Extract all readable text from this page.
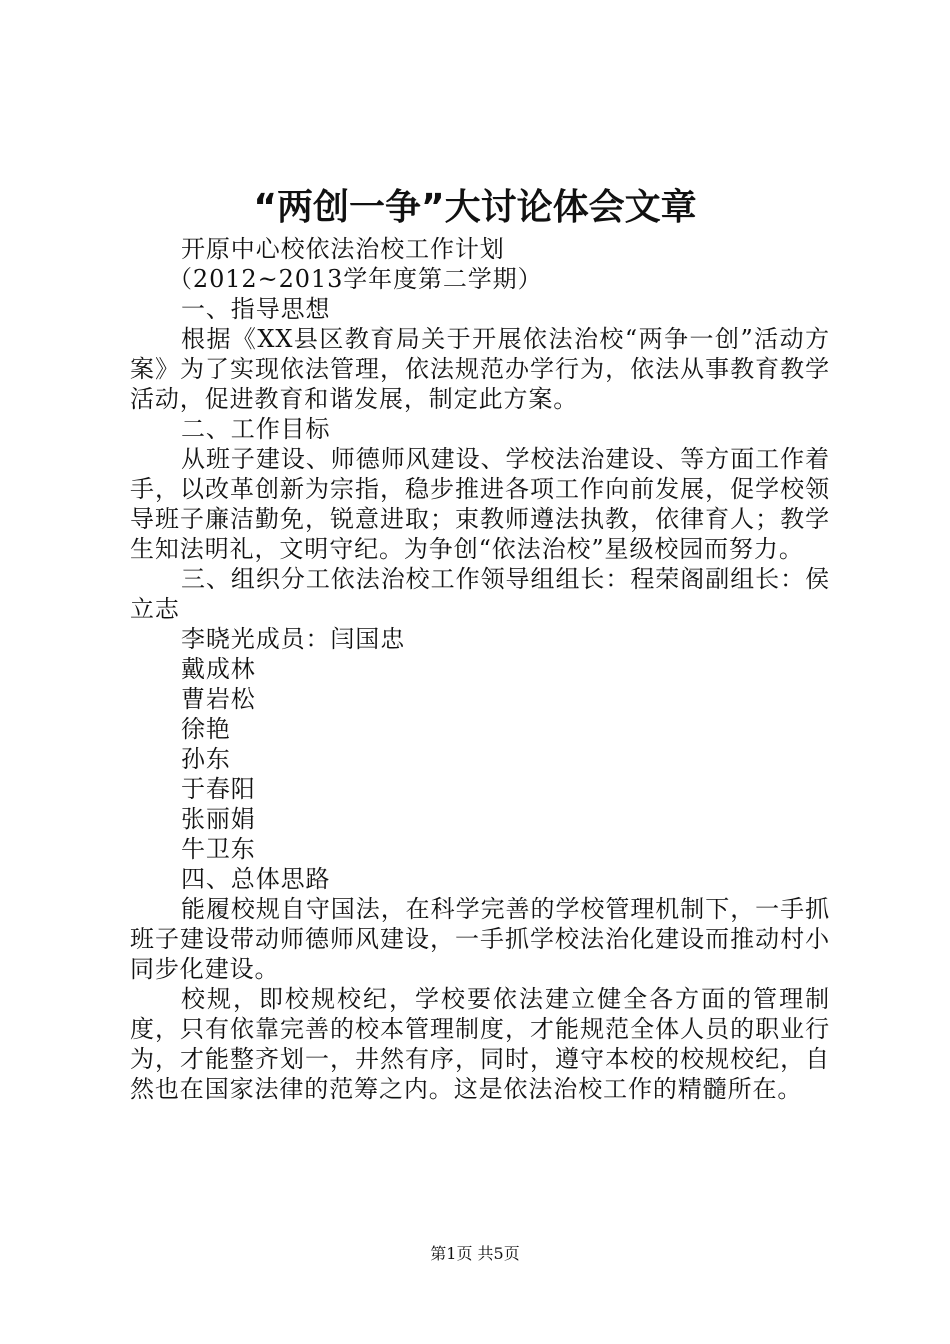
“两创一争”大讨论体会文章

开原中心校依法治校工作计划

（2012~2013学年度第二学期）

一、指导思想

根据《XX县区教育局关于开展依法治校“两争一创”活动方案》为了实现依法管理，依法规范办学行为，依法从事教育教学活动，促进教育和谐发展，制定此方案。

二、工作目标

从班子建设、师德师风建设、学校法治建设、等方面工作着手，以改革创新为宗指，稳步推进各项工作向前发展，促学校领导班子廉洁勤免，锐意进取；束教师遵法执教，依律育人；教学生知法明礼，文明守纪。为争创“依法治校”星级校园而努力。

三、组织分工依法治校工作领导组组长：程荣阁副组长：侯立志

李晓光成员：闫国忠

戴成林

曹岩松

徐艳

孙东

于春阳

张丽娟

牛卫东

四、总体思路

能履校规自守国法，在科学完善的学校管理机制下，一手抓班子建设带动师德师风建设，一手抓学校法治化建设而推动村小同步化建设。

校规，即校规校纪，学校要依法建立健全各方面的管理制度，只有依靠完善的校本管理制度，才能规范全体人员的职业行为，才能整齐划一，井然有序，同时，遵守本校的校规校纪，自然也在国家法律的范筹之内。这是依法治校工作的精髓所在。

第1页 共5页
